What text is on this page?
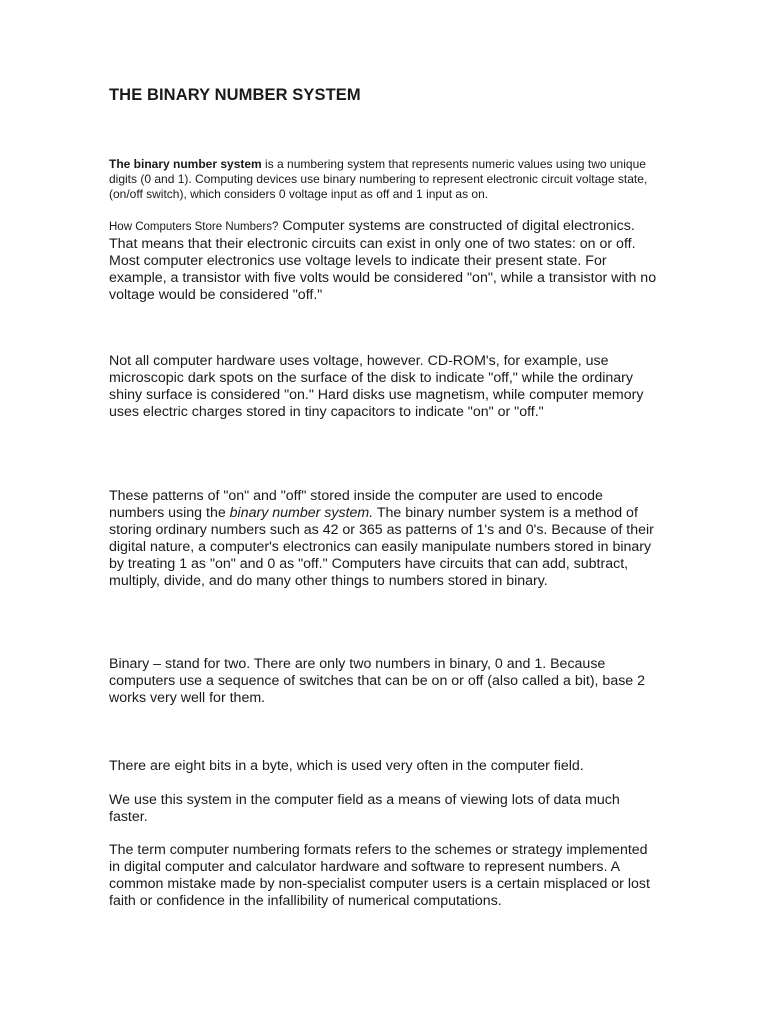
THE BINARY NUMBER SYSTEM

The binary number system is a numbering system that represents numeric values using two unique digits (0 and 1). Computing devices use binary numbering to represent electronic circuit voltage state, (on/off switch), which considers 0 voltage input as off and 1 input as on.

How Computers Store Numbers? Computer systems are constructed of digital electronics. That means that their electronic circuits can exist in only one of two states: on or off. Most computer electronics use voltage levels to indicate their present state. For example, a transistor with five volts would be considered "on", while a transistor with no voltage would be considered "off."

Not all computer hardware uses voltage, however. CD-ROM's, for example, use microscopic dark spots on the surface of the disk to indicate "off," while the ordinary shiny surface is considered "on." Hard disks use magnetism, while computer memory uses electric charges stored in tiny capacitors to indicate "on" or "off."

These patterns of "on" and "off" stored inside the computer are used to encode numbers using the binary number system. The binary number system is a method of storing ordinary numbers such as 42 or 365 as patterns of 1's and 0's. Because of their digital nature, a computer's electronics can easily manipulate numbers stored in binary by treating 1 as "on" and 0 as "off." Computers have circuits that can add, subtract, multiply, divide, and do many other things to numbers stored in binary.

Binary – stand for two. There are only two numbers in binary, 0 and 1. Because computers use a sequence of switches that can be on or off (also called a bit), base 2 works very well for them.

There are eight bits in a byte, which is used very often in the computer field.

We use this system in the computer field as a means of viewing lots of data much faster.

The term computer numbering formats refers to the schemes or strategy implemented in digital computer and calculator hardware and software to represent numbers. A common mistake made by non-specialist computer users is a certain misplaced or lost faith or confidence in the infallibility of numerical computations.
